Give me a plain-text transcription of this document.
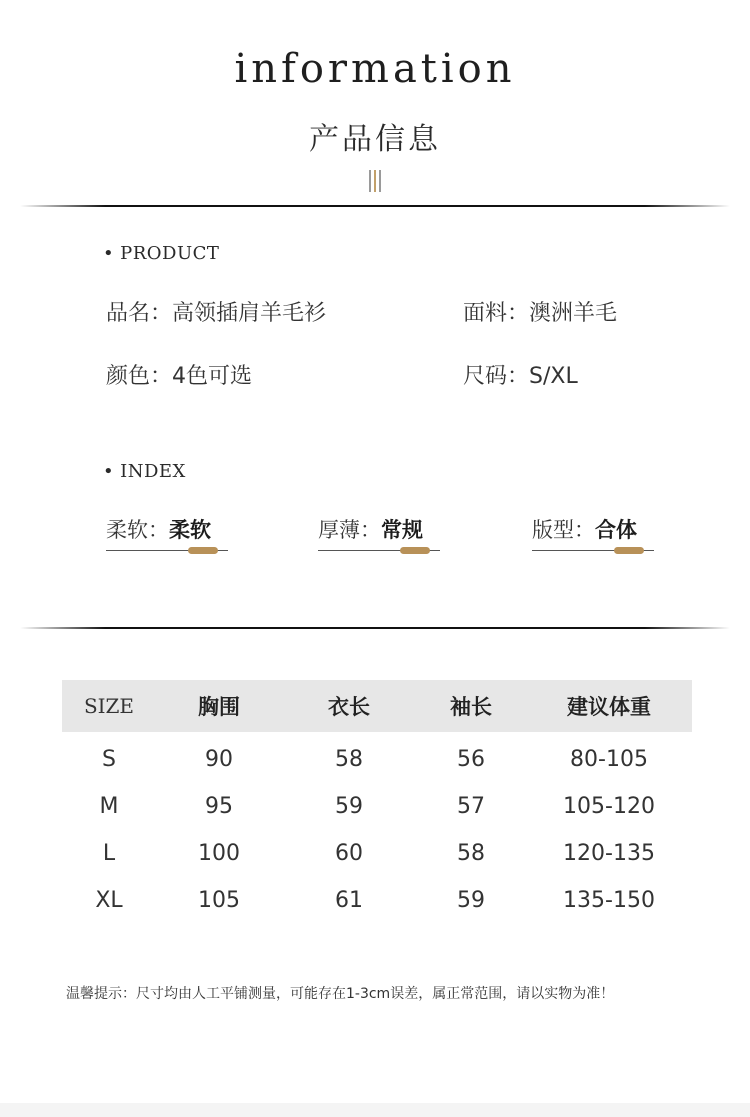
information
产品信息
• PRODUCT
品名：高领插肩羊毛衫	面料：澳洲羊毛
颜色：4色可选	尺码：S/XL
• INDEX
柔软：柔软	厚薄：常规	版型：合体
SIZE	胸围	衣长	袖长	建议体重
S	90	58	56	80-105
M	95	59	57	105-120
L	100	60	58	120-135
XL	105	61	59	135-150
温馨提示：尺寸均由人工平铺测量，可能存在1-3cm误差，属正常范围，请以实物为准！
